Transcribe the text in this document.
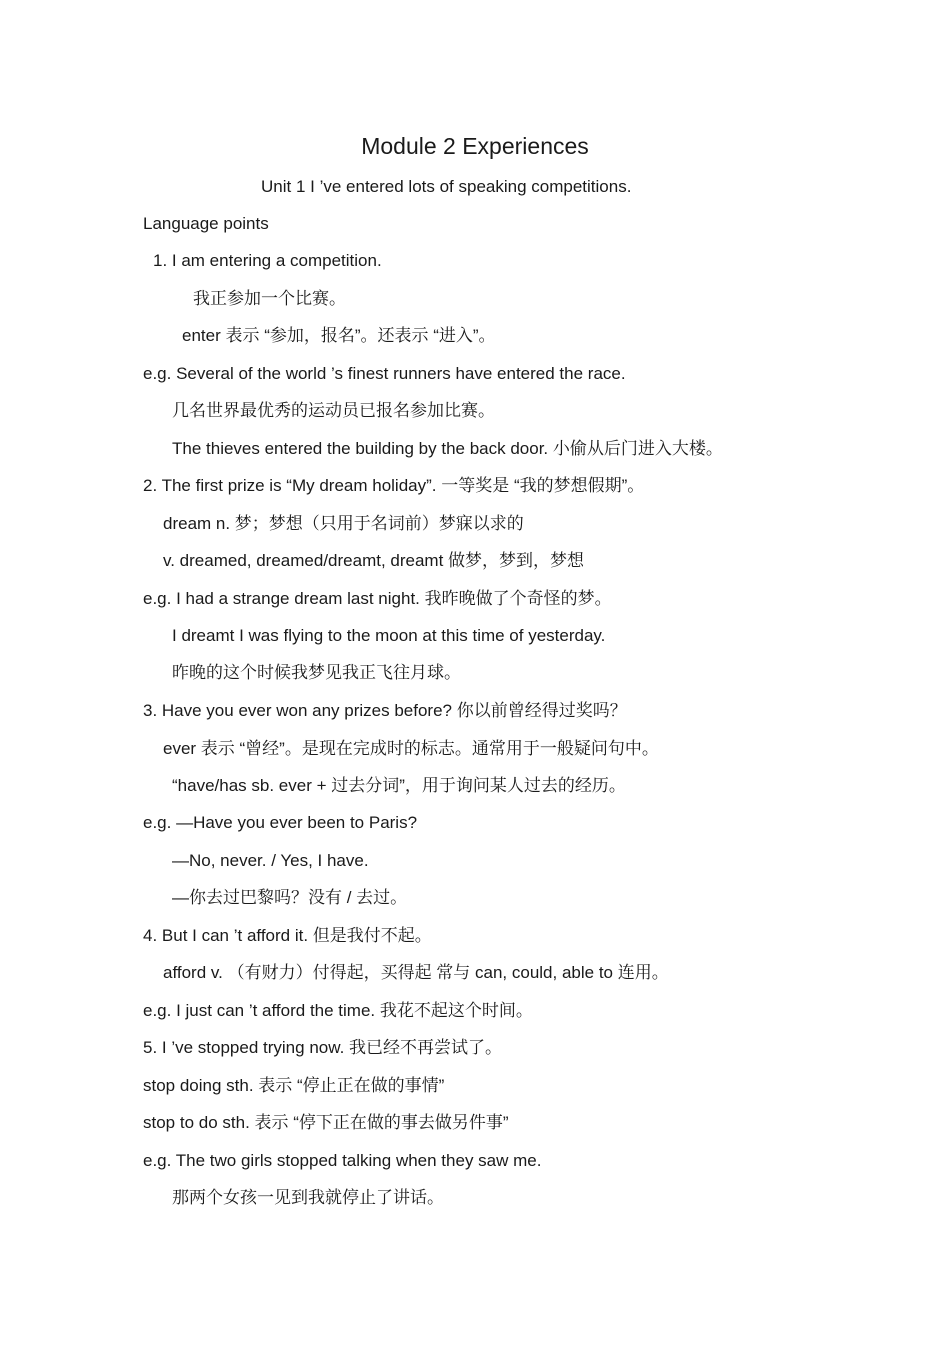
Module 2 Experiences
Unit 1 I ’ve entered lots of speaking competitions.
Language points
1. I am entering a competition.
我正参加一个比赛。
enter 表示 “参加，报名”。还表示 “进入”。
e.g. Several of the world ’s finest runners have entered the race.
几名世界最优秀的运动员已报名参加比赛。
The thieves entered the building by the back door. 小偷从后门进入大楼。
2. The first prize is “My dream holiday”. 一等奖是 “我的梦想假期”。
dream n. 梦；梦想（只用于名词前）梦寐以求的
v. dreamed, dreamed/dreamt, dreamt 做梦，梦到，梦想
e.g. I had a strange dream last night. 我昨晚做了个奇怪的梦。
I dreamt I was flying to the moon at this time of yesterday.
昨晚的这个时候我梦见我正飞往月球。
3. Have you ever won any prizes before? 你以前曾经得过奖吗？
ever 表示 “曾经”。是现在完成时的标志。通常用于一般疑问句中。
“have/has sb. ever + 过去分词”，用于询问某人过去的经历。
e.g. —Have you ever been to Paris?
—No, never. / Yes, I have.
—你去过巴黎吗？没有 / 去过。
4. But I can ’t afford it. 但是我付不起。
afford v. （有财力）付得起，买得起 常与 can, could, able to 连用。
e.g. I just can ’t afford the time. 我花不起这个时间。
5. I ’ve stopped trying now. 我已经不再尝试了。
stop doing sth. 表示 “停止正在做的事情”
stop to do sth. 表示 “停下正在做的事去做另件事”
e.g. The two girls stopped talking when they saw me.
那两个女孩一见到我就停止了讲话。
